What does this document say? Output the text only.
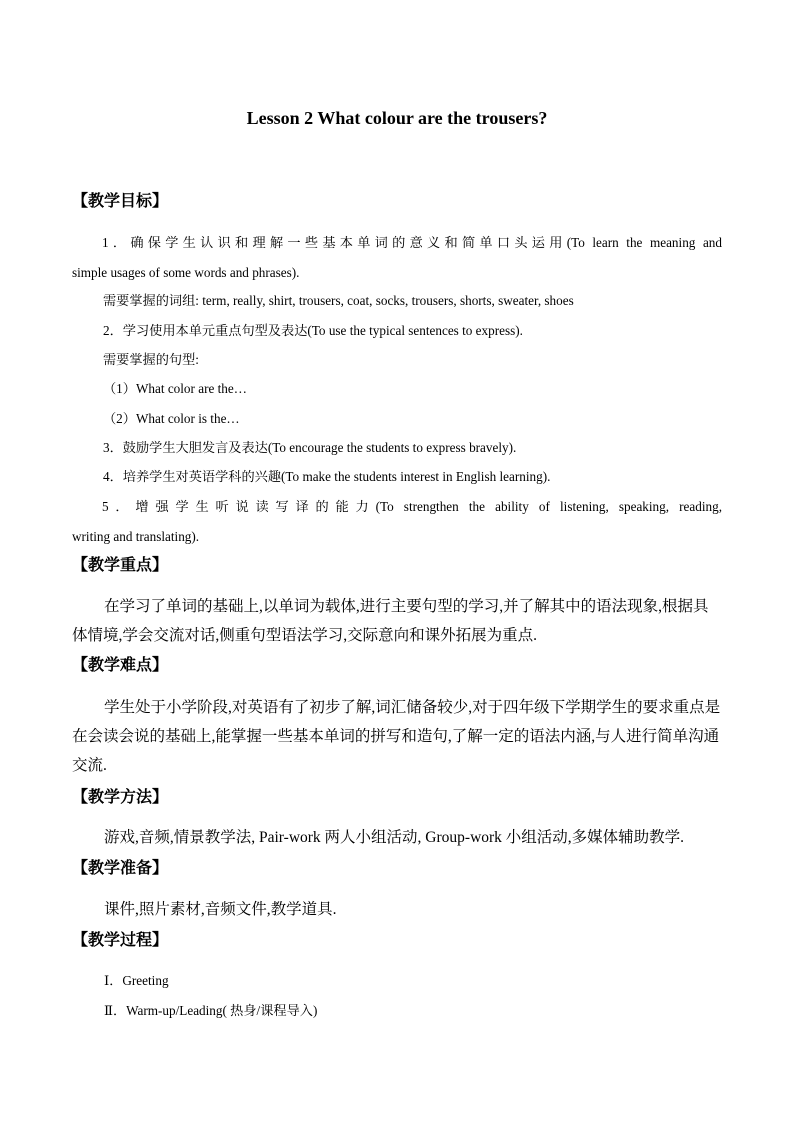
Lesson 2 What colour are the trousers?
【教学目标】
1．确保学生认识和理解一些基本单词的意义和简单口头运用(To learn the meaning and
simple usages of some words and phrases).
需要掌握的词组: term, really, shirt, trousers, coat, socks, trousers, shorts, sweater, shoes
2．学习使用本单元重点句型及表达(To use the typical sentences to express).
需要掌握的句型:
（1）What color are the…
（2）What color is the…
3．鼓励学生大胆发言及表达(To encourage the students to express bravely).
4．培养学生对英语学科的兴趣(To make the students interest in English learning).
5．增强学生听说读写译的能力(To strengthen the ability of listening, speaking, reading,
writing and translating).
【教学重点】
在学习了单词的基础上,以单词为载体,进行主要句型的学习,并了解其中的语法现象,根据具体情境,学会交流对话,侧重句型语法学习,交际意向和课外拓展为重点.
【教学难点】
学生处于小学阶段,对英语有了初步了解,词汇储备较少,对于四年级下学期学生的要求重点是在会读会说的基础上,能掌握一些基本单词的拼写和造句,了解一定的语法内涵,与人进行简单沟通交流.
【教学方法】
游戏,音频,情景教学法, Pair-work 两人小组活动, Group-work 小组活动,多媒体辅助教学.
【教学准备】
课件,照片素材,音频文件,教学道具.
【教学过程】
Ⅰ．Greeting
Ⅱ．Warm-up/Leading( 热身/课程导入)
